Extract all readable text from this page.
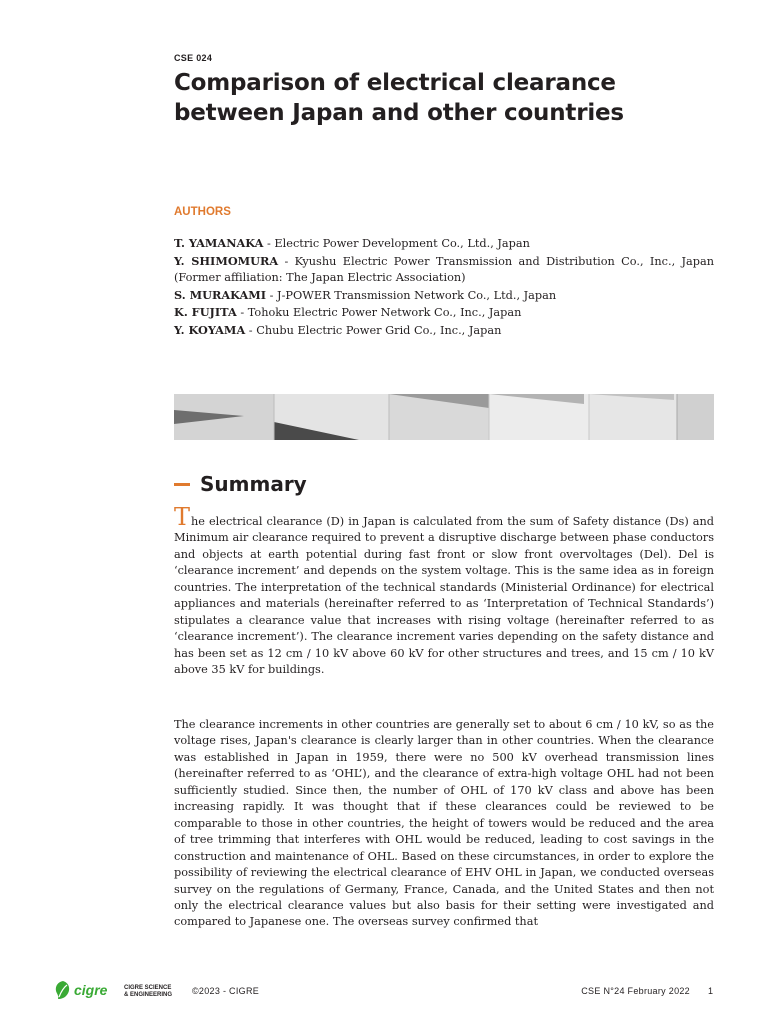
CSE 024
Comparison of electrical clearance between Japan and other countries
AUTHORS
T. YAMANAKA - Electric Power Development Co., Ltd., Japan
Y. SHIMOMURA - Kyushu Electric Power Transmission and Distribution Co., Inc., Japan (Former affiliation: The Japan Electric Association)
S. MURAKAMI - J-POWER Transmission Network Co., Ltd., Japan
K. FUJITA - Tohoku Electric Power Network Co., Inc., Japan
Y. KOYAMA - Chubu Electric Power Grid Co., Inc., Japan
Summary

The electrical clearance (D) in Japan is calculated from the sum of Safety distance (Ds) and Minimum air clearance required to prevent a disruptive discharge between phase conductors and objects at earth potential during fast front or slow front overvoltages (Del). Del is ‘clearance increment’ and depends on the system voltage. This is the same idea as in foreign countries. The interpretation of the technical standards (Ministerial Ordinance) for electrical appliances and materials (hereinafter referred to as ‘Interpretation of Technical Standards’) stipulates a clearance value that increases with rising voltage (hereinafter referred to as ‘clearance increment’). The clearance increment varies depending on the safety distance and has been set as 12 cm / 10 kV above 60 kV for other structures and trees, and 15 cm / 10 kV above 35 kV for buildings.

The clearance increments in other countries are generally set to about 6 cm / 10 kV, so as the voltage rises, Japan's clearance is clearly larger than in other countries. When the clearance was established in Japan in 1959, there were no 500 kV overhead transmission lines (hereinafter referred to as ‘OHL’), and the clearance of extra-high voltage OHL had not been sufficiently studied. Since then, the number of OHL of 170 kV class and above has been increasing rapidly. It was thought that if these clearances could be reviewed to be comparable to those in other countries, the height of towers would be reduced and the area of tree trimming that interferes with OHL would be reduced, leading to cost savings in the construction and maintenance of OHL. Based on these circumstances, in order to explore the possibility of reviewing the electrical clearance of EHV OHL in Japan, we conducted overseas survey on the regulations of Germany, France, Canada, and the United States and then not only the electrical clearance values but also basis for their setting were investigated and compared to Japanese one. The overseas survey confirmed that

cigre	CIGRE SCIENCE
& ENGINEERING ©2023 - CIGRE	CSE N°24 February 2022 1
